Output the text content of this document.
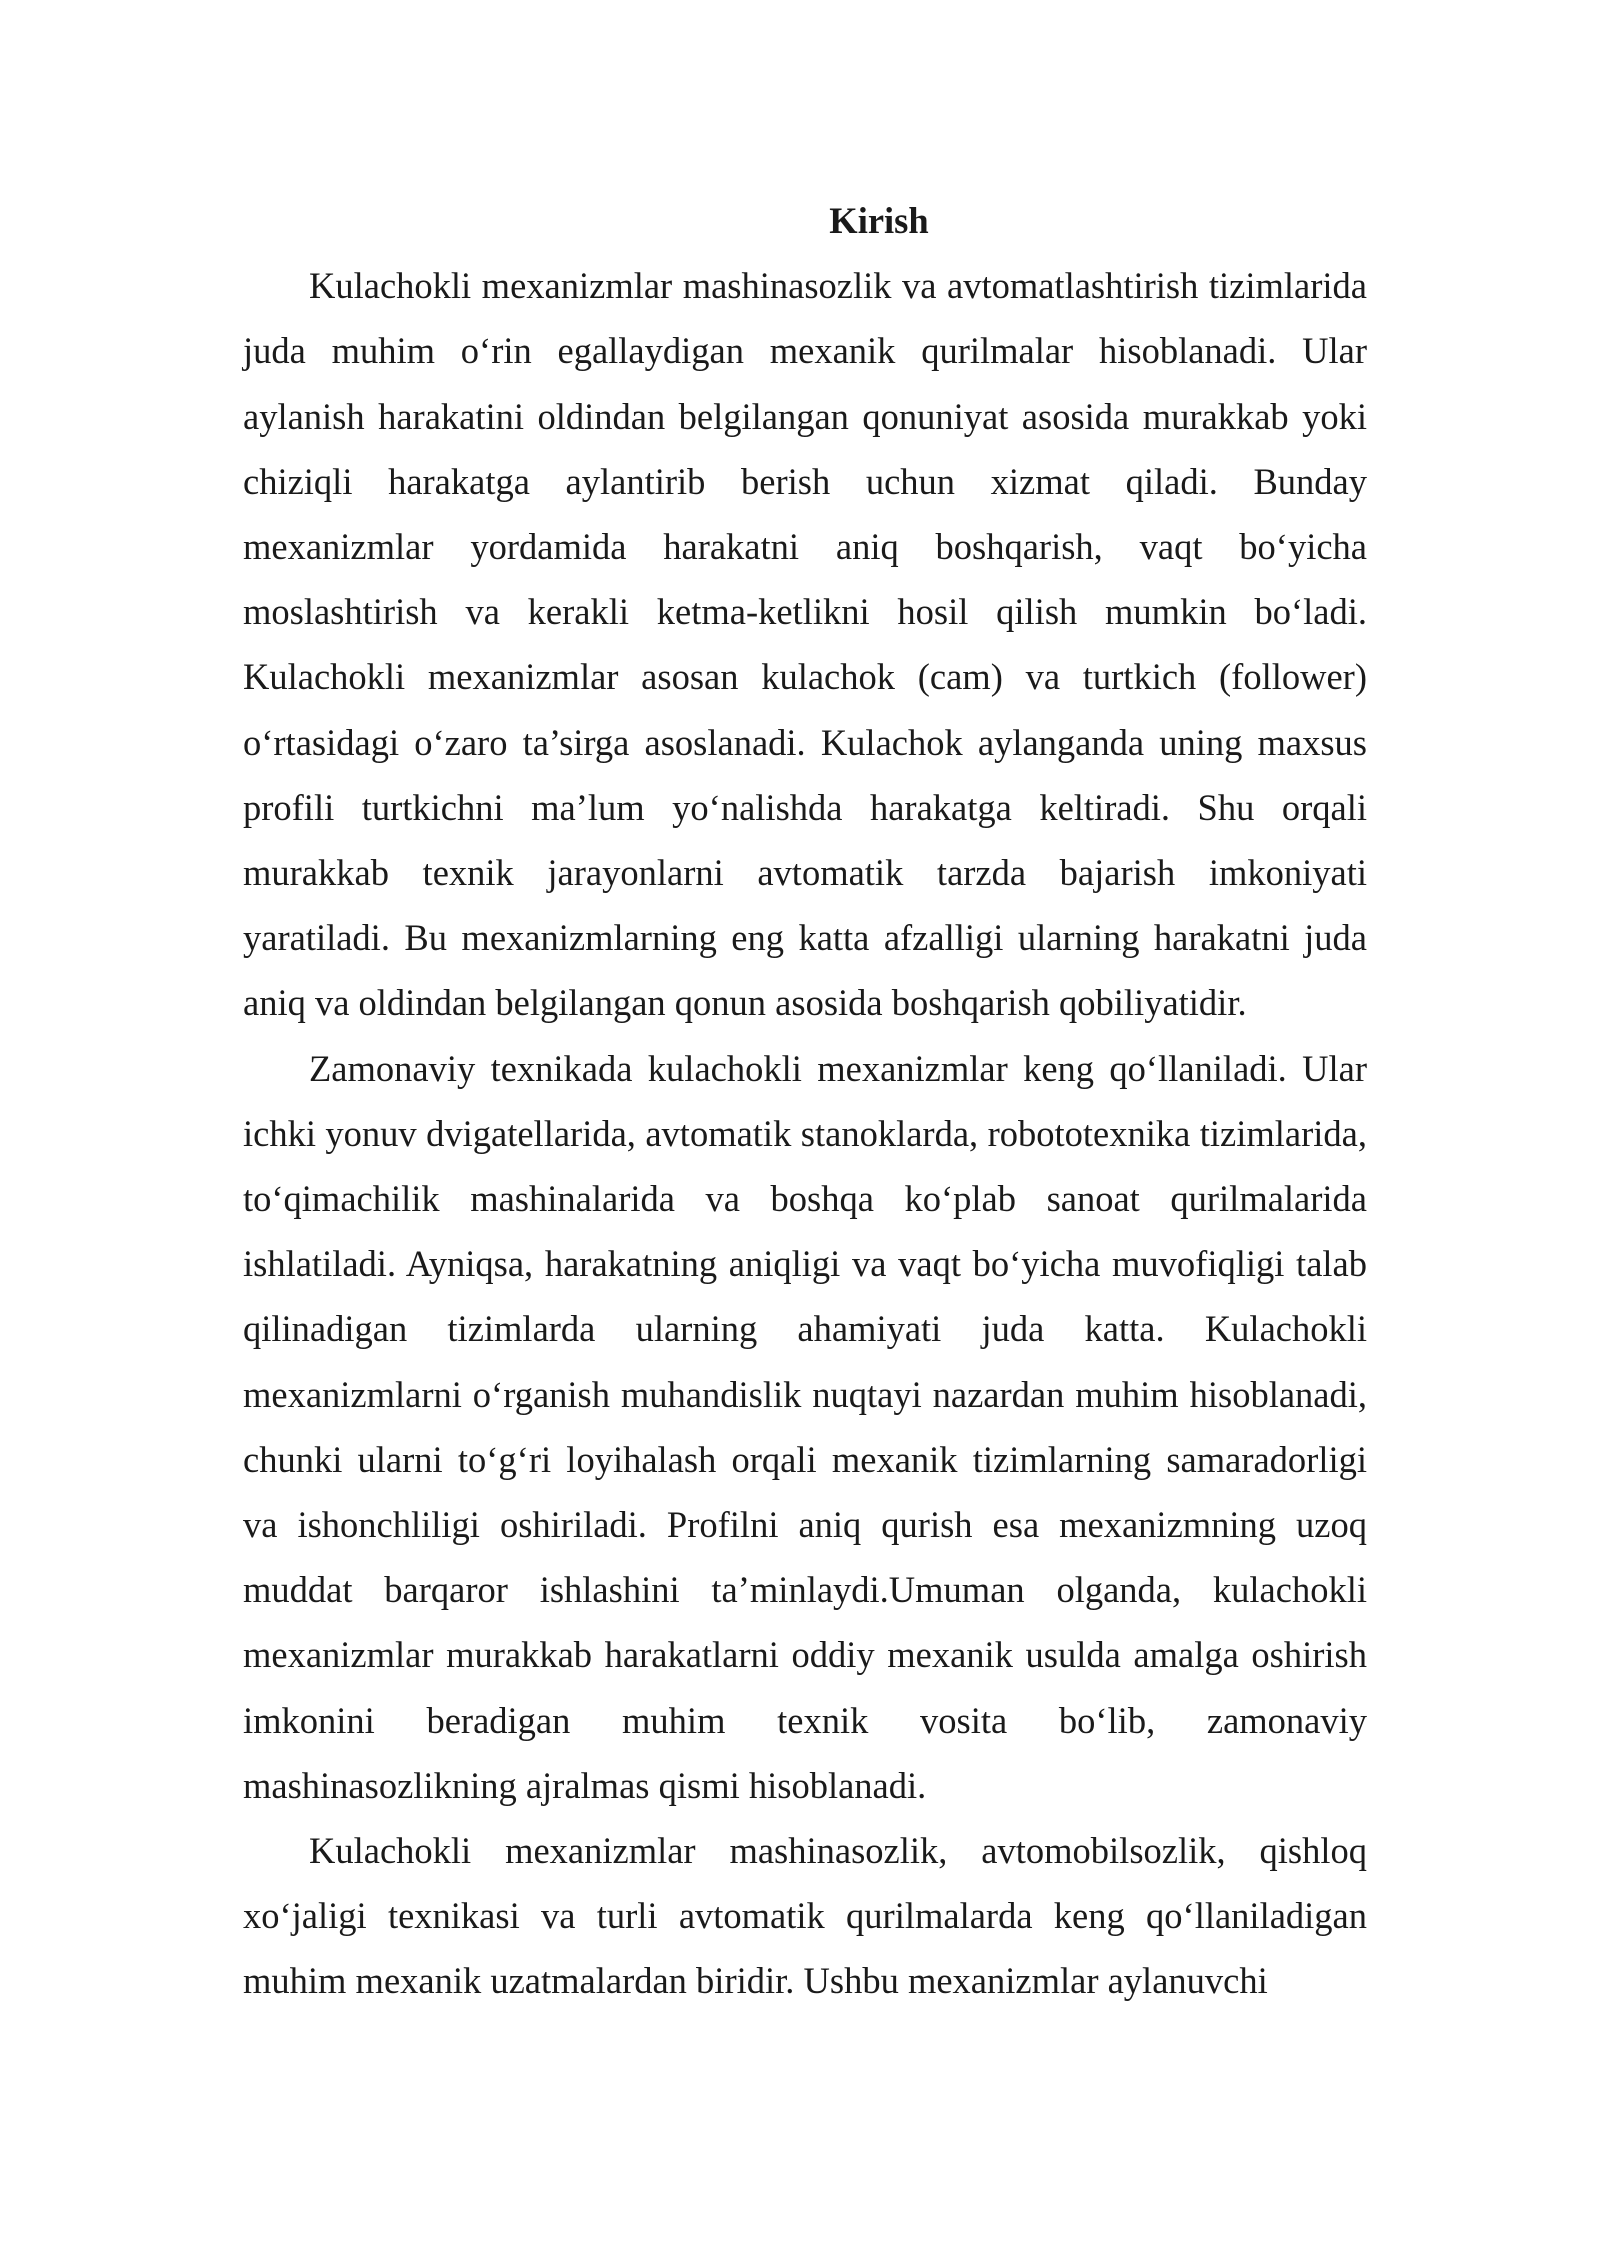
Kirish

Kulachokli mexanizmlar mashinasozlik va avtomatlashtirish tizimlarida juda muhim o‘rin egallaydigan mexanik qurilmalar hisoblanadi. Ular aylanish harakatini oldindan belgilangan qonuniyat asosida murakkab yoki chiziqli harakatga aylantirib berish uchun xizmat qiladi. Bunday mexanizmlar yordamida harakatni aniq boshqarish, vaqt bo‘yicha moslashtirish va kerakli ketma-ketlikni hosil qilish mumkin bo‘ladi. Kulachokli mexanizmlar asosan kulachok (cam) va turtkich (follower) o‘rtasidagi o‘zaro ta’sirga asoslanadi. Kulachok aylanganda uning maxsus profili turtkichni ma’lum yo‘nalishda harakatga keltiradi. Shu orqali murakkab texnik jarayonlarni avtomatik tarzda bajarish imkoniyati yaratiladi. Bu mexanizmlarning eng katta afzalligi ularning harakatni juda aniq va oldindan belgilangan qonun asosida boshqarish qobiliyatidir.

Zamonaviy texnikada kulachokli mexanizmlar keng qo‘llaniladi. Ular ichki yonuv dvigatellarida, avtomatik stanoklarda, robototexnika tizimlarida, to‘qimachilik mashinalarida va boshqa ko‘plab sanoat qurilmalarida ishlatiladi. Ayniqsa, harakatning aniqligi va vaqt bo‘yicha muvofiqligi talab qilinadigan tizimlarda ularning ahamiyati juda katta. Kulachokli mexanizmlarni o‘rganish muhandislik nuqtayi nazardan muhim hisoblanadi, chunki ularni to‘g‘ri loyihalash orqali mexanik tizimlarning samaradorligi va ishonchliligi oshiriladi. Profilni aniq qurish esa mexanizmning uzoq muddat barqaror ishlashini ta’minlaydi.Umuman olganda, kulachokli mexanizmlar murakkab harakatlarni oddiy mexanik usulda amalga oshirish imkonini beradigan muhim texnik vosita bo‘lib, zamonaviy mashinasozlikning ajralmas qismi hisoblanadi.

Kulachokli mexanizmlar mashinasozlik, avtomobilsozlik, qishloq xo‘jaligi texnikasi va turli avtomatik qurilmalarda keng qo‘llaniladigan muhim mexanik uzatmalardan biridir. Ushbu mexanizmlar aylanuvchi
